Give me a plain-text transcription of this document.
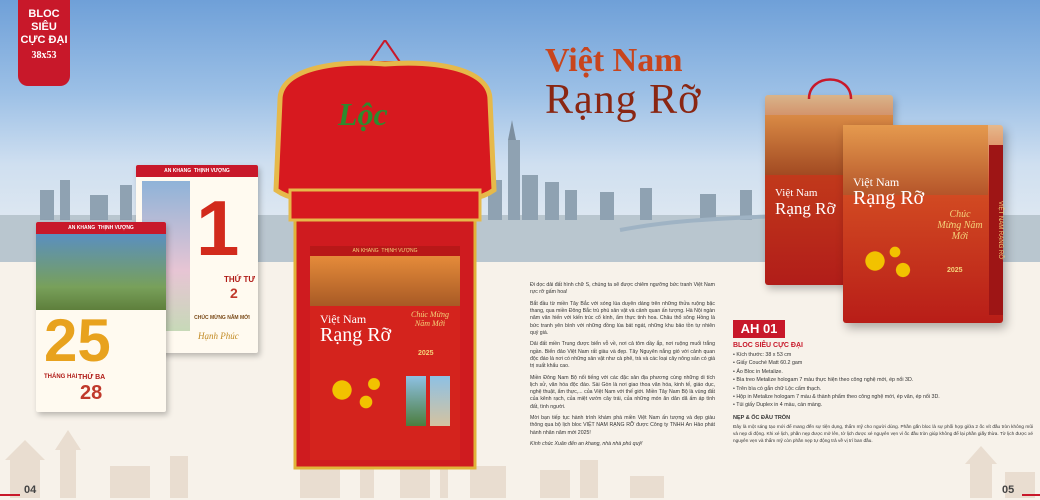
BLOC
SIÊU
CỰC ĐẠI
38x53	Việt Nam
Rạng Rỡ
AN KHANG THỊNH VƯỢNG
1
THỨ TƯ
2
CHÚC MỪNG NĂM MỚI
Hạnh Phúc
AN KHANG THỊNH VƯỢNG
25
THÁNG HAI THỨ BA
28
Lộc
AN KHANG THỊNH VƯỢNG
Việt Nam
Rạng Rỡ
Chúc Mừng Năm Mới
2025
Việt Nam
Rạng Rỡ
Việt Nam
Rạng Rỡ
Chúc Mừng Năm Mới
2025
VIỆT NAM RẠNG RỠ

Đi dọc dải đất hình chữ S, chúng ta sẽ được chiêm ngưỡng bức tranh Việt Nam rực rỡ gấm hoa!

Bắt đầu từ miền Tây Bắc với sóng lúa duyên dáng trên những thửa ruộng bậc thang, qua miền Đông Bắc trù phú sản vật và cảnh quan ấn tượng. Hà Nội ngàn năm văn hiến với kiến trúc cổ kính, ẩm thực tinh hoa. Châu thổ sông Hồng là bức tranh yên bình với những đồng lúa bát ngát, những khu bảo tồn tự nhiên quý giá.

Dải đất miền Trung được biển vỗ về, nơi cả tôm dầy ắp, nơi ruộng muối trắng ngần. Biển đảo Việt Nam rất giàu và đẹp. Tây Nguyên nắng gió với cảnh quan độc đáo là nơi có những sản vật như cà phê, trà và các loại cây nông sản có giá trị xuất khẩu cao.

Miền Đông Nam Bộ nổi tiếng với các đặc sản địa phương cùng những di tích lịch sử, văn hóa độc đáo. Sài Gòn là nơi giao thoa văn hóa, kinh tế, giáo dục, nghệ thuật, ẩm thực,... của Việt Nam với thế giới. Miền Tây Nam Bộ là vùng đất của kênh rạch, của miệt vườn cây trái, của những món ăn dân dã ấm áp tình đất, tình người.

Mời bạn tiếp tục hành trình khám phá miền Việt Nam ấn tượng và đẹp giàu thông qua bộ lịch bloc VIỆT NAM RẠNG RỠ được Công ty TNHH An Hảo phát hành nhân năm mới 2025!

Kính chúc Xuân đến an khang, nhà nhà phú quý!

AH 01
BLOC SIÊU CỰC ĐẠI
• Kích thước: 38 x 53 cm
• Giấy Couché Matt 60.2 gam
• Ảo Bloc in Metalize.
• Bìa treo Metalize hologam 7 màu thực hiện theo công nghệ mới, ép nổi 3D.
• Trên bìa có gắn chữ Lộc cẩm thạch.
• Hộp in Metalize hologam 7 màu & thành phẩm theo công nghệ mới, ép vân, ép nổi 3D.
• Túi giấy Duplex in 4 màu, cán màng.
NẸP & ỐC ĐẦU TRÒN
Đây là một sáng tạo mới để mang đến sự tiện dụng, thẩm mỹ cho người dùng. Phần gắn bloc là sự phối hợp giữa 2 ốc vít đầu tròn không mũi và nẹp di động. Khi xé lịch, phần nẹp được mở lên, tờ lịch được xé nguyên vẹn vì ốc đầu tròn giúp không để lại phần giấy thừa. Tờ lịch được xé nguyên vẹn và thẩm mỹ còn phần nẹp tự động trả về vị trí ban đầu.
04	05
